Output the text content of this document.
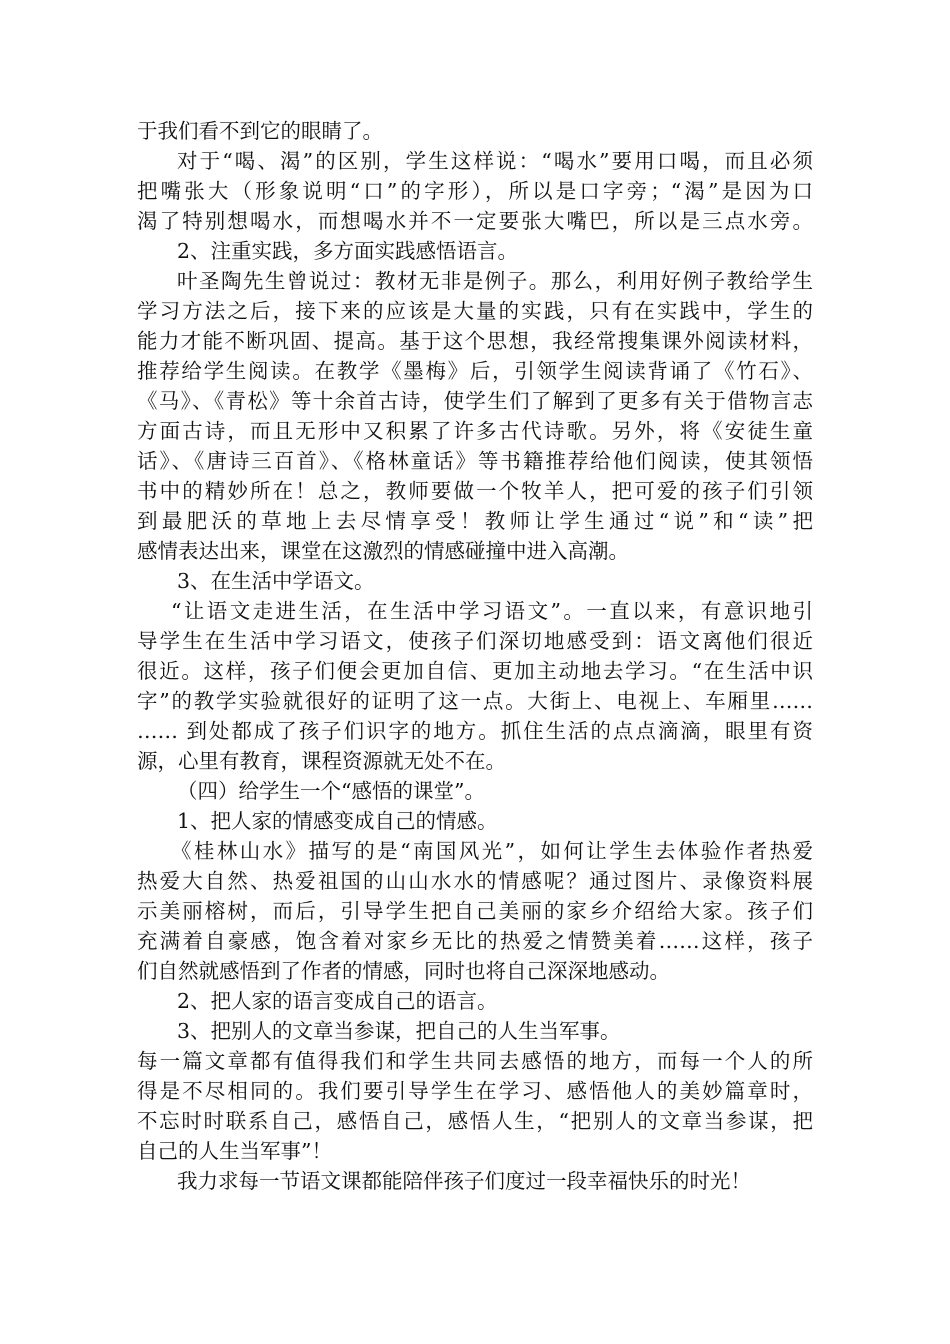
于我们看不到它的眼睛了。
对于“喝、渴”的区别，学生这样说：“喝水”要用口喝，而且必须
把嘴张大（形象说明“口”的字形），所以是口字旁；“渴”是因为口
渴了特别想喝水，而想喝水并不一定要张大嘴巴，所以是三点水旁。
2、注重实践，多方面实践感悟语言。
叶圣陶先生曾说过：教材无非是例子。那么，利用好例子教给学生
学习方法之后，接下来的应该是大量的实践，只有在实践中，学生的
能力才能不断巩固、提高。基于这个思想，我经常搜集课外阅读材料，
推荐给学生阅读。在教学《墨梅》后，引领学生阅读背诵了《竹石》、
《马》、《青松》等十余首古诗，使学生们了解到了更多有关于借物言志
方面古诗，而且无形中又积累了许多古代诗歌。另外，将《安徒生童
话》、《唐诗三百首》、《格林童话》等书籍推荐给他们阅读，使其领悟
书中的精妙所在！总之，教师要做一个牧羊人，把可爱的孩子们引领
到最肥沃的草地上去尽情享受！教师让学生通过“说”和“读”把
感情表达出来，课堂在这激烈的情感碰撞中进入高潮。
3、在生活中学语文。
“让语文走进生活，在生活中学习语文”。一直以来，有意识地引
导学生在生活中学习语文，使孩子们深切地感受到：语文离他们很近
很近。这样，孩子们便会更加自信、更加主动地去学习。“在生活中识
字”的教学实验就很好的证明了这一点。大街上、电视上、车厢里……
…… 到处都成了孩子们识字的地方。抓住生活的点点滴滴，眼里有资
源，心里有教育，课程资源就无处不在。
（四）给学生一个“感悟的课堂”。
1、把人家的情感变成自己的情感。
《桂林山水》描写的是“南国风光”，如何让学生去体验作者热爱
热爱大自然、热爱祖国的山山水水的情感呢？通过图片、录像资料展
示美丽榕树，而后，引导学生把自己美丽的家乡介绍给大家。孩子们
充满着自豪感，饱含着对家乡无比的热爱之情赞美着……这样，孩子
们自然就感悟到了作者的情感，同时也将自己深深地感动。
2、把人家的语言变成自己的语言。
3、把别人的文章当参谋，把自己的人生当军事。
每一篇文章都有值得我们和学生共同去感悟的地方，而每一个人的所
得是不尽相同的。我们要引导学生在学习、感悟他人的美妙篇章时，
不忘时时联系自己，感悟自己，感悟人生，“把别人的文章当参谋，把
自己的人生当军事”！
我力求每一节语文课都能陪伴孩子们度过一段幸福快乐的时光！
